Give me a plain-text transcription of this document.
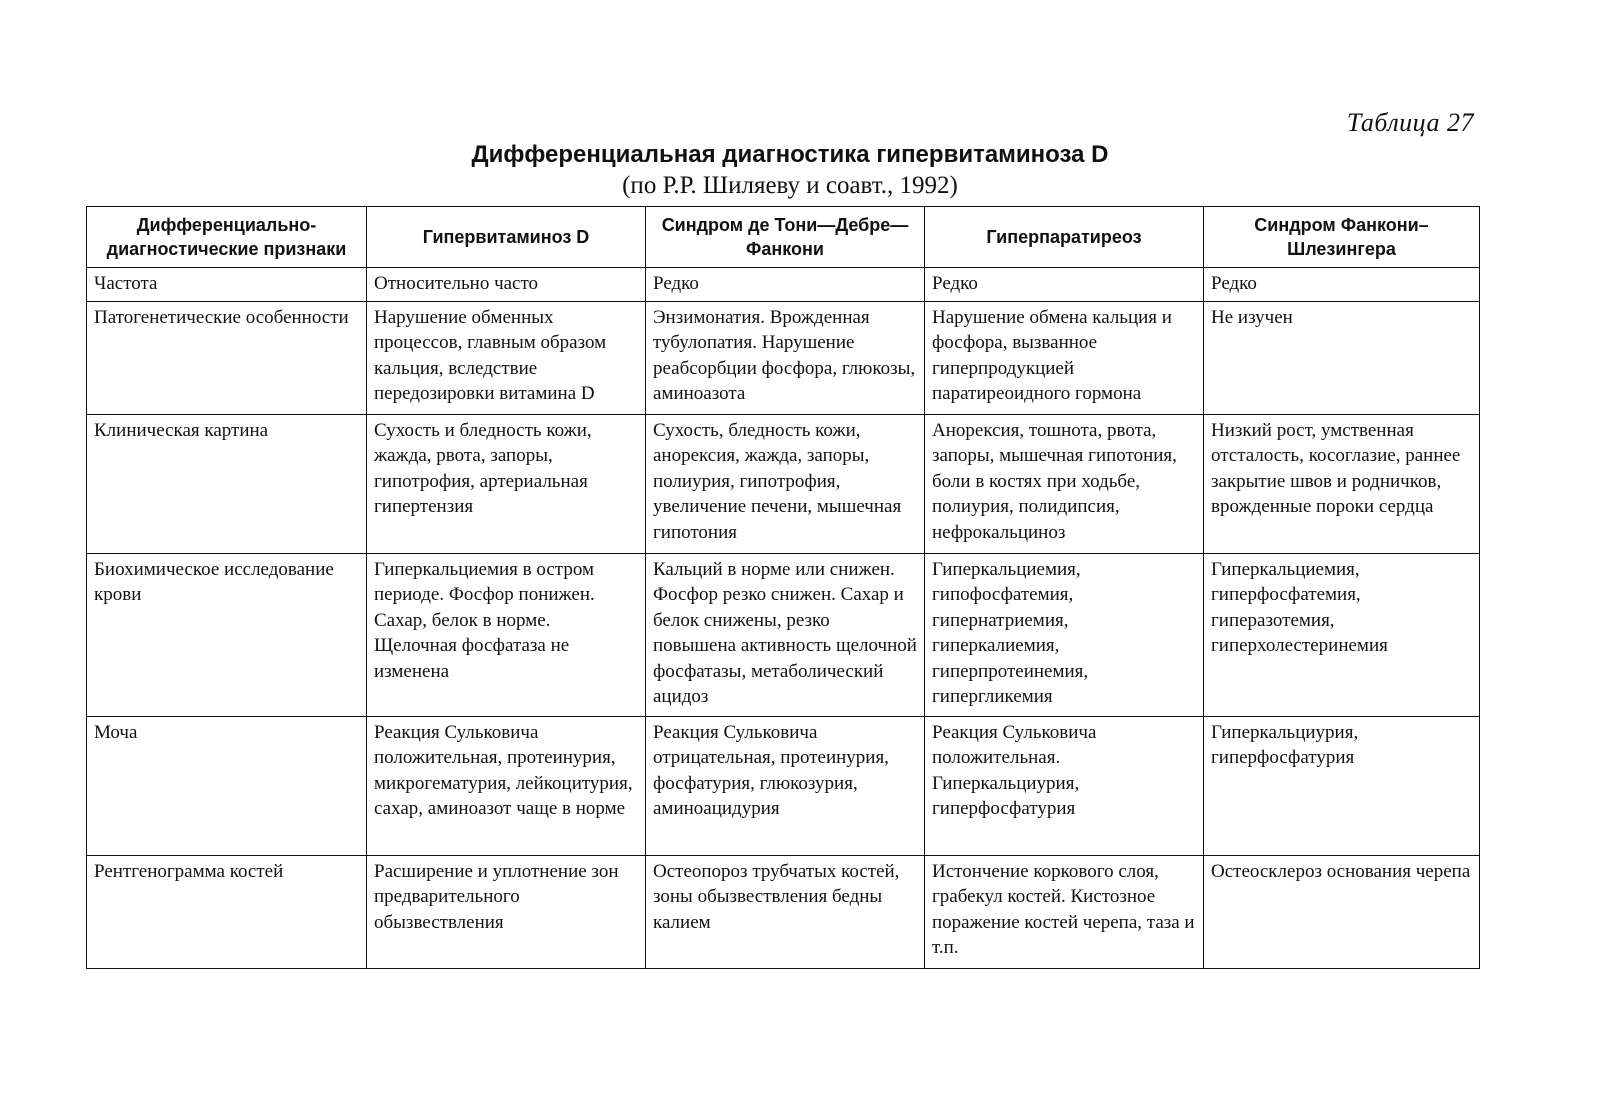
Таблица 27
Дифференциальная диагностика гипервитаминоза D
(по Р.Р. Шиляеву и соавт., 1992)
Дифференциально-диагностические признаки	Гипервитаминоз D	Синдром де Тони—Дебре—Фанкони	Гиперпаратиреоз	Синдром Фанкони–Шлезингера
Частота	Относительно часто	Редко	Редко	Редко
Патогенетические особенности	Нарушение обменных процессов, главным образом кальция, вследствие передозировки витамина D	Энзимонатия. Врожденная тубулопатия. Нарушение реабсорбции фосфора, глюкозы, аминоазота	Нарушение обмена кальция и фосфора, вызванное гиперпродукцией паратиреоидного гормона	Не изучен
Клиническая картина	Сухость и бледность кожи, жажда, рвота, запоры, гипотрофия, артериальная гипертензия	Сухость, бледность кожи, анорексия, жажда, запоры, полиурия, гипотрофия, увеличение печени, мышечная гипотония	Анорексия, тошнота, рвота, запоры, мышечная гипотония, боли в костях при ходьбе, полиурия, полидипсия, нефрокальциноз	Низкий рост, умственная отсталость, косоглазие, раннее закрытие швов и родничков, врожденные пороки сердца
Биохимическое исследование крови	Гиперкальциемия в остром периоде. Фосфор понижен. Сахар, белок в норме. Щелочная фосфатаза не изменена	Кальций в норме или снижен. Фосфор резко снижен. Сахар и белок снижены, резко повышена активность щелочной фосфатазы, метаболический ацидоз	Гиперкальциемия, гипофосфатемия, гипернатриемия, гиперкалиемия, гиперпротеинемия, гипергликемия	Гиперкальциемия, гиперфосфатемия, гиперазотемия, гиперхолестеринемия
Моча	Реакция Сульковича положительная, протеинурия, микрогематурия, лейкоцитурия, сахар, аминоазот чаще в норме	Реакция Сульковича отрицательная, протеинурия, фосфатурия, глюкозурия, аминоацидурия	Реакция Сульковича положительная. Гиперкальциурия, гиперфосфатурия	Гиперкальциурия, гиперфосфатурия
Рентгенограмма костей	Расширение и уплотнение зон предварительного обызвествления	Остеопороз трубчатых костей, зоны обызвествления бедны калием	Истончение коркового слоя, грабекул костей. Кистозное поражение костей черепа, таза и т.п.	Остеосклероз основания черепа
